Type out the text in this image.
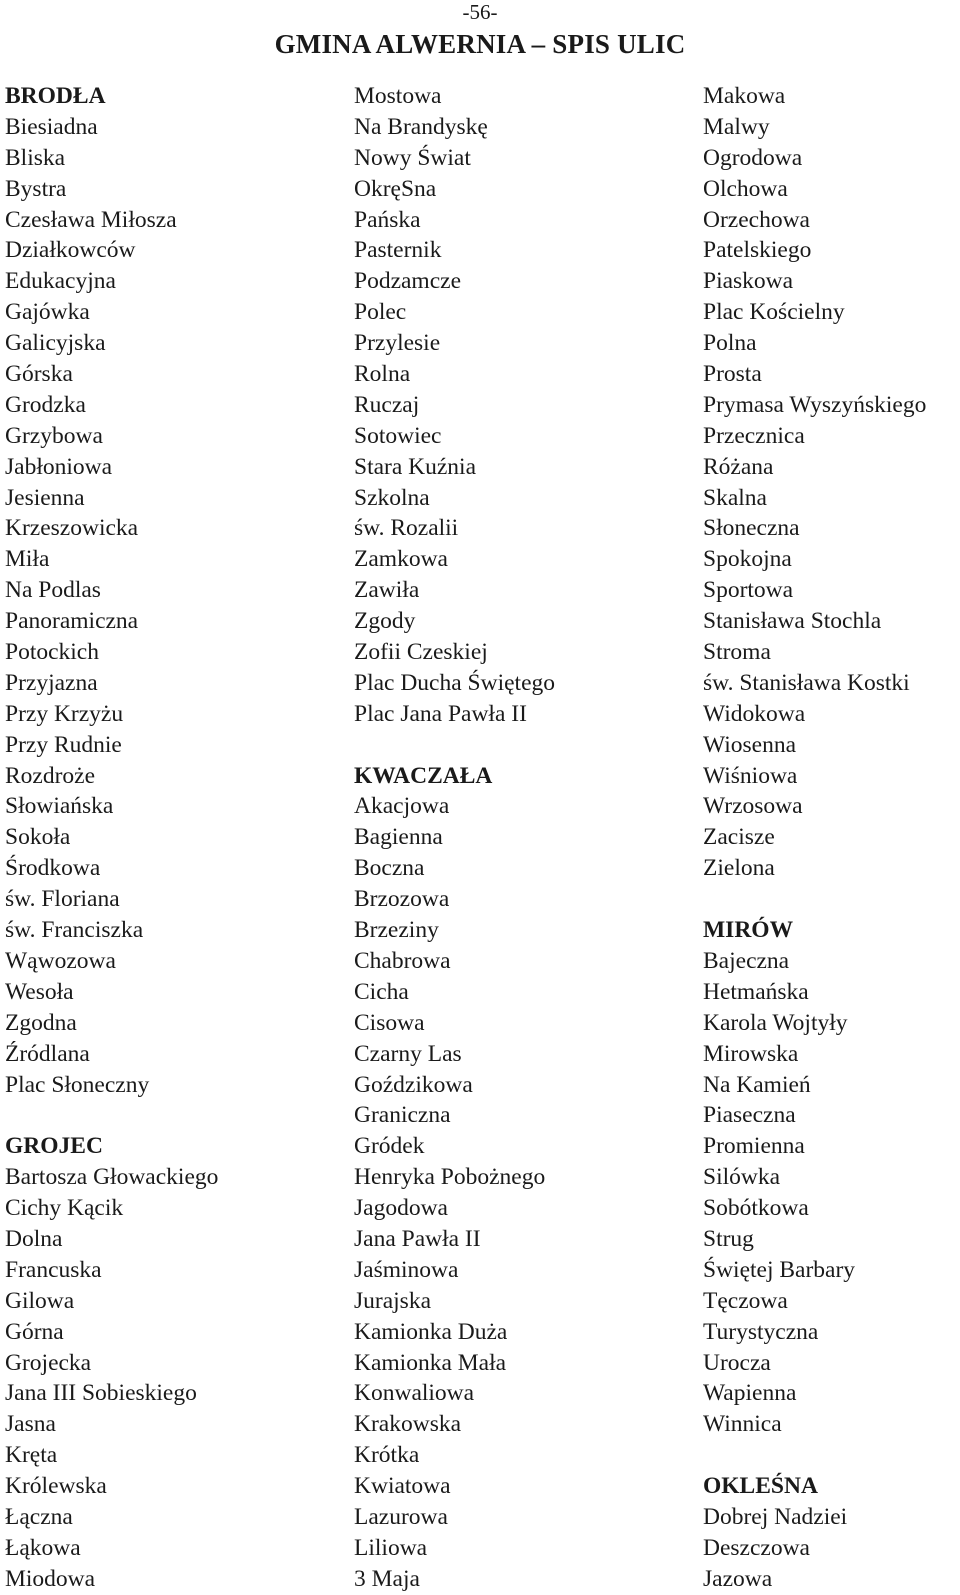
-56-
GMINA ALWERNIA – SPIS ULIC
BRODŁA
Biesiadna
Bliska
Bystra
Czesława Miłosza
Działkowców
Edukacyjna
Gajówka
Galicyjska
Górska
Grodzka
Grzybowa
Jabłoniowa
Jesienna
Krzeszowicka
Miła
Na Podlas
Panoramiczna
Potockich
Przyjazna
Przy Krzyżu
Przy Rudnie
Rozdroże
Słowiańska
Sokoła
Środkowa
św. Floriana
św. Franciszka
Wąwozowa
Wesoła
Zgodna
Źródlana
Plac Słoneczny
GROJEC
Bartosza Głowackiego
Cichy Kącik
Dolna
Francuska
Gilowa
Górna
Grojecka
Jana III Sobieskiego
Jasna
Kręta
Królewska
Łączna
Łąkowa
Miodowa
Mostowa
Na Brandyskę
Nowy Świat
OkręSna
Pańska
Pasternik
Podzamcze
Polec
Przylesie
Rolna
Ruczaj
Sotowiec
Stara Kuźnia
Szkolna
św. Rozalii
Zamkowa
Zawiła
Zgody
Zofii Czeskiej
Plac Ducha Świętego
Plac Jana Pawła II
KWACZAŁA
Akacjowa
Bagienna
Boczna
Brzozowa
Brzeziny
Chabrowa
Cicha
Cisowa
Czarny Las
Goździkowa
Graniczna
Gródek
Henryka Pobożnego
Jagodowa
Jana Pawła II
Jaśminowa
Jurajska
Kamionka Duża
Kamionka Mała
Konwaliowa
Krakowska
Krótka
Kwiatowa
Lazurowa
Liliowa
3 Maja
Makowa
Malwy
Ogrodowa
Olchowa
Orzechowa
Patelskiego
Piaskowa
Plac Kościelny
Polna
Prosta
Prymasa Wyszyńskiego
Przecznica
Różana
Skalna
Słoneczna
Spokojna
Sportowa
Stanisława Stochla
Stroma
św. Stanisława Kostki
Widokowa
Wiosenna
Wiśniowa
Wrzosowa
Zacisze
Zielona
MIRÓW
Bajeczna
Hetmańska
Karola Wojtyły
Mirowska
Na Kamień
Piaseczna
Promienna
Silówka
Sobótkowa
Strug
Świętej Barbary
Tęczowa
Turystyczna
Urocza
Wapienna
Winnica
OKLEŚNA
Dobrej Nadziei
Deszczowa
Jazowa
